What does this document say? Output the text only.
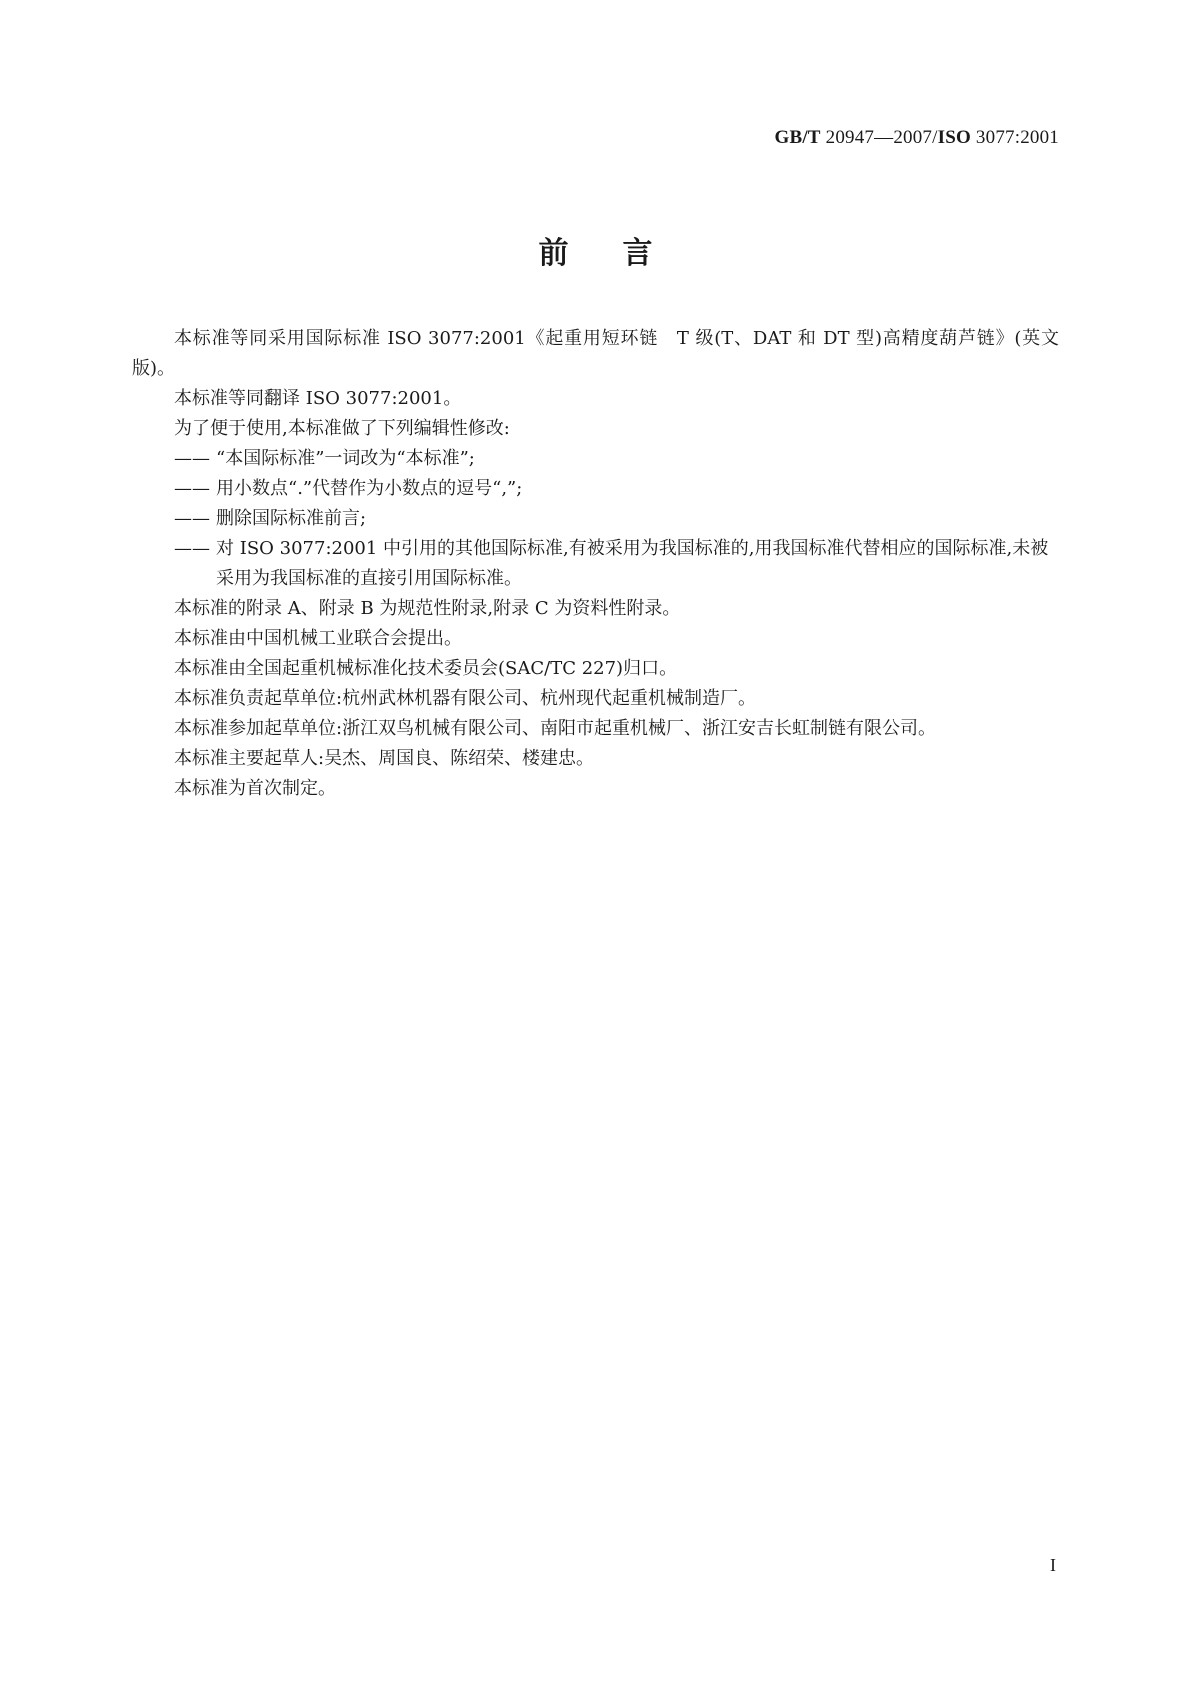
GB/T 20947—2007/ISO 3077:2001
前言

本标准等同采用国际标准 ISO 3077:2001《起重用短环链　T 级(T、DAT 和 DT 型)高精度葫芦链》(英文版)。

本标准等同翻译 ISO 3077:2001。

为了便于使用,本标准做了下列编辑性修改:

—— “本国际标准”一词改为“本标准”;
—— 用小数点“.”代替作为小数点的逗号“,”;
—— 删除国际标准前言;
—— 对 ISO 3077:2001 中引用的其他国际标准,有被采用为我国标准的,用我国标准代替相应的国际标准,未被采用为我国标准的直接引用国际标准。

本标准的附录 A、附录 B 为规范性附录,附录 C 为资料性附录。

本标准由中国机械工业联合会提出。

本标准由全国起重机械标准化技术委员会(SAC/TC 227)归口。

本标准负责起草单位:杭州武林机器有限公司、杭州现代起重机械制造厂。

本标准参加起草单位:浙江双鸟机械有限公司、南阳市起重机械厂、浙江安吉长虹制链有限公司。

本标准主要起草人:吴杰、周国良、陈绍荣、楼建忠。

本标准为首次制定。

I
